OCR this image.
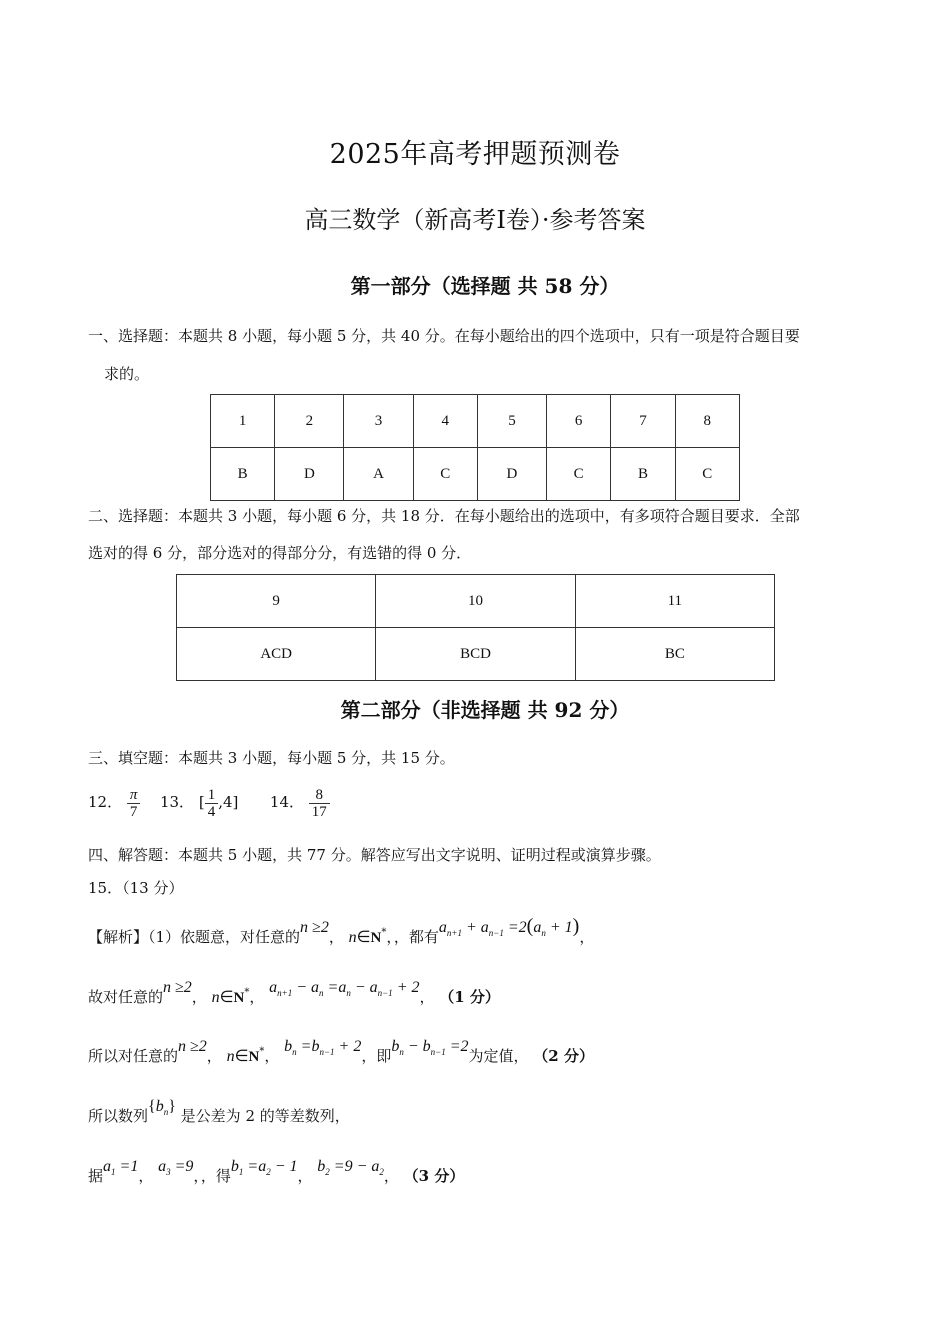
2025年高考押题预测卷
高三数学（新高考Ⅰ卷）·参考答案
第一部分（选择题 共 58 分）
一、选择题：本题共 8 小题，每小题 5 分，共 40 分。在每小题给出的四个选项中，只有一项是符合题目要
求的。
1	2	3	4	5	6	7	8
B	D	A	C	D	C	B	C
二、选择题：本题共 3 小题，每小题 6 分，共 18 分．在每小题给出的选项中，有多项符合题目要求．全部
选对的得 6 分，部分选对的得部分分，有选错的得 0 分．
9	10	11
ACD	BCD	BC
第二部分（非选择题 共 92 分）
三、填空题：本题共 3 小题，每小题 5 分，共 15 分。
12． $\frac{\pi}{7} 13$． [ $\frac{1}{4} ,4$] 14． $\frac{8}{17}$
四、解答题：本题共 5 小题，共 77 分。解答应写出文字说明、证明过程或演算步骤。
15．（13 分）
【解析】（1）依题意，对任意的n ≥2， n∈N*，，都有$a_{n+1} + a_{n-1} =2(a_n + 1)$，
故对任意的n ≥2， n∈N*， $a_{n+1} - a_n =a_n - a_{n-1} + 2$， （1 分）
所以对任意的n ≥2， n∈N*， $b_n =b_{n-1} + 2$，即$b_n - b_{n-1} =2$为定值， （2 分）
所以数列$\{b_n\}$ 是公差为 2 的等差数列，
据$a_1 =1$， $a_3 =9$，，得$b_1 =a_2 - 1$， $b_2 =9 - a_2$， （3 分）
